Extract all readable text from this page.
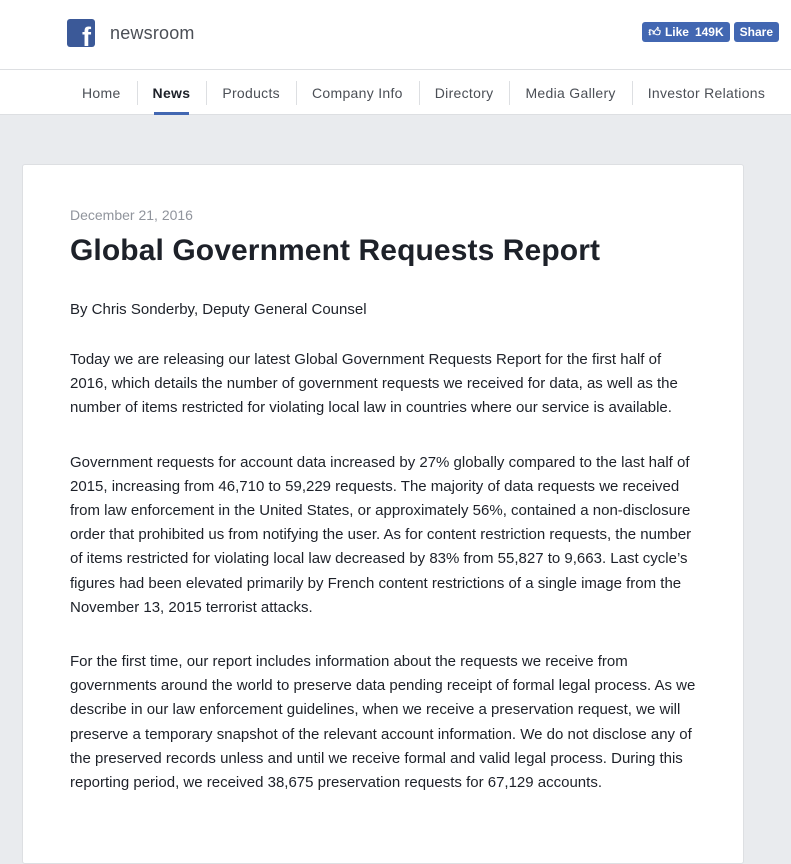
f newsroom	👍︎ Like 149K	Share
Home	News	Products	Company Info	Directory	Media Gallery	Investor Relations
December 21, 2016
Global Government Requests Report
By Chris Sonderby, Deputy General Counsel

Today we are releasing our latest Global Government Requests Report for the first half of 2016, which details the number of government requests we received for data, as well as the number of items restricted for violating local law in countries where our service is available.

Government requests for account data increased by 27% globally compared to the last half of 2015, increasing from 46,710 to 59,229 requests. The majority of data requests we received from law enforcement in the United States, or approximately 56%, contained a non-disclosure order that prohibited us from notifying the user. As for content restriction requests, the number of items restricted for violating local law decreased by 83% from 55,827 to 9,663. Last cycle’s figures had been elevated primarily by French content restrictions of a single image from the November 13, 2015 terrorist attacks.

For the first time, our report includes information about the requests we receive from governments around the world to preserve data pending receipt of formal legal process. As we describe in our law enforcement guidelines, when we receive a preservation request, we will preserve a temporary snapshot of the relevant account information. We do not disclose any of the preserved records unless and until we receive formal and valid legal process. During this reporting period, we received 38,675 preservation requests for 67,129 accounts.
